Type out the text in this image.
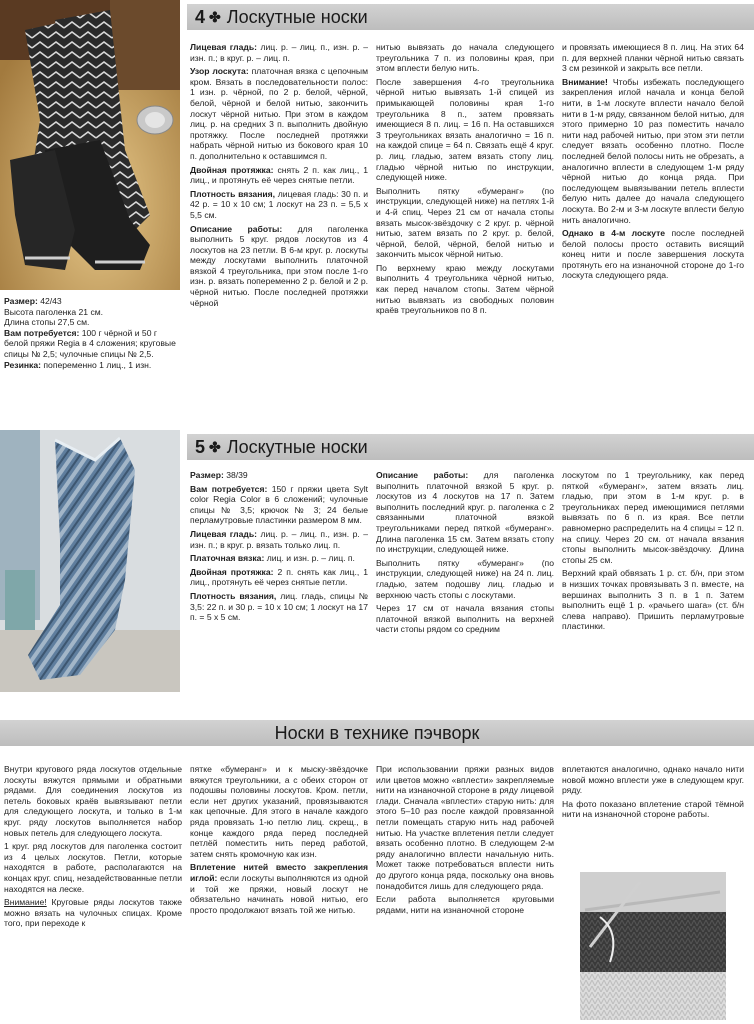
4 ✤ Лоскутные носки

Размер: 42/43

Высота паголенка 21 см.

Длина стопы 27,5 см.

Вам потребуется: 100 г чёрной и 50 г белой пряжи Regia в 4 сложения; круговые спицы № 2,5; чулочные спицы № 2,5.

Резинка: попеременно 1 лиц., 1 изн.

Лицевая гладь: лиц. р. – лиц. п., изн. р. – изн. п.; в круг. р. – лиц. п.

Узор лоскута: платочная вязка с цепочным кром. Вязать в последовательности полос: 1 изн. р. чёрной, по 2 р. белой, чёрной, белой, чёрной и белой нитью, закончить лоскут чёрной нитью. При этом в каждом лиц. р. на средних 3 п. выполнить двойную протяжку. После последней протяжки набрать чёрной нитью из бокового края 10 п. дополнительно к оставшимся п.

Двойная протяжка: снять 2 п. как лиц., 1 лиц., и протянуть её через снятые петли.

Плотность вязания, лицевая гладь: 30 п. и 42 р. = 10 х 10 см; 1 лоскут на 23 п. = 5,5 х 5,5 см.

Описание работы: для паголенка выполнить 5 круг. рядов лоскутов из 4 лоскутов на 23 петли. В 6-м круг. р. лоскуты между лоскутами выполнить платочной вязкой 4 треугольника, при этом после 1-го изн. р. вязать попеременно 2 р. белой и 2 р. чёрной нитью. После последней протяжки чёрной

нитью вывязать до начала следующего треугольника 7 п. из половины края, при этом вплести белую нить.

После завершения 4-го треугольника чёрной нитью вывязать 1-й спицей из примыкающей половины края 1-го треугольника 8 п., затем провязать имеющиеся 8 п. лиц. = 16 п. На оставшихся 3 треугольниках вязать аналогично = 16 п. на каждой спице = 64 п. Связать ещё 4 круг. р. лиц. гладью, затем вязать стопу лиц. гладью чёрной нитью по инструкции, следующей ниже.

Выполнить пятку «бумеранг» (по инструкции, следующей ниже) на петлях 1-й и 4-й спиц. Через 21 см от начала стопы вязать мысок-звёздочку с 2 круг. р. чёрной нитью, затем вязать по 2 круг. р. белой, чёрной, белой, чёрной, белой нитью и закончить мысок чёрной нитью.

По верхнему краю между лоскутами выполнить 4 треугольника чёрной нитью, как перед началом стопы. Затем чёрной нитью вывязать из свободных половин краёв треугольников по 8 п.

и провязать имеющиеся 8 п. лиц. На этих 64 п. для верхней планки чёрной нитью связать 3 см резинкой и закрыть все петли.

Внимание! Чтобы избежать последующего закрепления иглой начала и конца белой нити, в 1-м лоскуте вплести начало белой нити в 1-м ряду, связанном белой нитью, для этого примерно 10 раз поместить начало нити над рабочей нитью, при этом эти петли следует вязать особенно плотно. После последней белой полосы нить не обрезать, а аналогично вплести в следующем 1-м ряду чёрной нитью до конца ряда. При последующем вывязывании петель вплести белую нить далее до начала следующего лоскута. Во 2-м и 3-м лоскуте вплести белую нить аналогично.

Однако в 4-м лоскуте после последней белой полосы просто оставить висящий конец нити и после завершения лоскута протянуть его на изнаночной стороне до 1-го лоскута следующего ряда.

5 ✤ Лоскутные носки

Размер: 38/39

Вам потребуется: 150 г пряжи цвета Sylt color Regia Color в 6 сложений; чулочные спицы № 3,5; крючок № 3; 24 белые перламутровые пластинки размером 8 мм.

Лицевая гладь: лиц. р. – лиц. п., изн. р. – изн. п.; в круг. р. вязать только лиц. п.

Платочная вязка: лиц. и изн. р. – лиц. п.

Двойная протяжка: 2 п. снять как лиц., 1 лиц., протянуть её через снятые петли.

Плотность вязания, лиц. гладь, спицы № 3,5: 22 п. и 30 р. = 10 х 10 см; 1 лоскут на 17 п. = 5 х 5 см.

Описание работы: для паголенка выполнить платочной вязкой 5 круг. р. лоскутов из 4 лоскутов на 17 п. Затем выполнить последний круг. р. паголенка с 2 связанными платочной вязкой треугольниками перед пяткой «бумеранг». Длина паголенка 15 см. Затем вязать стопу по инструкции, следующей ниже.

Выполнить пятку «бумеранг» (по инструкции, следующей ниже) на 24 п. лиц. гладью, затем подошву лиц. гладью и верхнюю часть стопы с лоскутами.

Через 17 см от начала вязания стопы платочной вязкой выполнить на верхней части стопы рядом со средним

лоскутом по 1 треугольнику, как перед пяткой «бумеранг», затем вязать лиц. гладью, при этом в 1-м круг. р. в треугольниках перед имеющимися петлями вывязать по 6 п. из края. Все петли равномерно распределить на 4 спицы = 12 п. на спицу. Через 20 см. от начала вязания стопы выполнить мысок-звёздочку. Длина стопы 25 см.

Верхний край обвязать 1 р. ст. б/н, при этом в низших точках провязывать 3 п. вместе, на вершинах выполнить 3 п. в 1 п. Затем выполнить ещё 1 р. «рачьего шага» (ст. б/н слева направо). Пришить перламутровые пластинки.

Носки в технике пэчворк

Внутри кругового ряда лоскутов отдельные лоскуты вяжутся прямыми и обратными рядами. Для соединения лоскутов из петель боковых краёв вывязывают петли для следующего лоскута, и только в 1-м круг. ряду лоскутов выполняется набор новых петель для следующего лоскута.

1 круг. ряд лоскутов для паголенка состоит из 4 целых лоскутов. Петли, которые находятся в работе, располагаются на концах круг. спиц, незадействованные петли находятся на леске.

Внимание! Круговые ряды лоскутов также можно вязать на чулочных спицах. Кроме того, при переходе к

пятке «бумеранг» и к мыску-звёздочке вяжутся треугольники, а с обеих сторон от подошвы половины лоскутов. Кром. петли, если нет других указаний, провязываются как цепочные. Для этого в начале каждого ряда провязать 1-ю петлю лиц. скрещ., в конце каждого ряда перед последней петлёй поместить нить перед работой, затем снять кромочную как изн.

Вплетение нитей вместо закрепления иглой: если лоскуты выполняются из одной и той же пряжи, новый лоскут не обязательно начинать новой нитью, его просто продолжают вязать той же нитью.

При использовании пряжи разных видов или цветов можно «вплести» закрепляемые нити на изнаночной стороне в ряду лицевой глади. Сначала «вплести» старую нить: для этого 5–10 раз после каждой провязанной петли помещать старую нить над рабочей нитью. На участке вплетения петли следует вязать особенно плотно. В следующем 2-м ряду аналогично вплести начальную нить. Может также потребоваться вплести нить до другого конца ряда, поскольку она вновь понадобится лишь для следующего ряда.

Если работа выполняется круговыми рядами, нити на изнаночной стороне

вплетаются аналогично, однако начало нити новой можно вплести уже в следующем круг. ряду.

На фото показано вплетение старой тёмной нити на изнаночной стороне работы.
